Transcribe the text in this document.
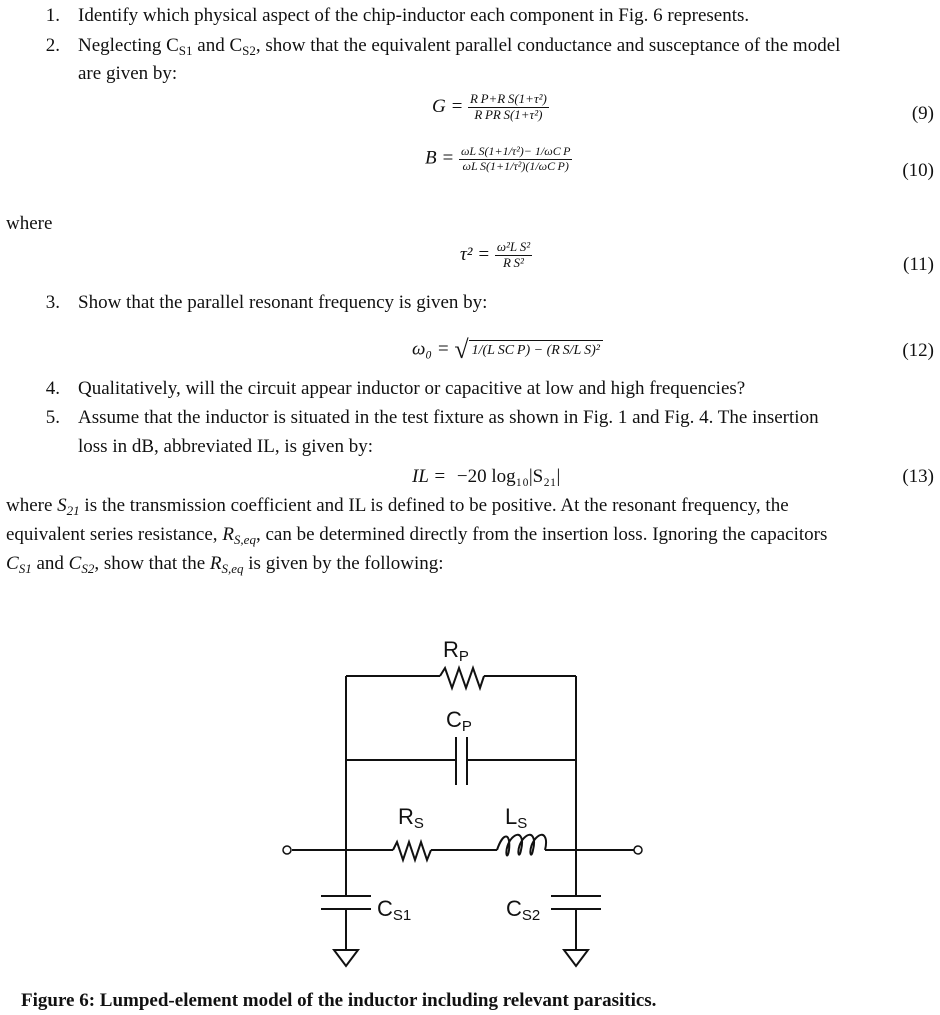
1. Identify which physical aspect of the chip-inductor each component in Fig. 6 represents.
2. Neglecting $C_{S1}$ and $C_{S2}$, show that the equivalent parallel conductance and susceptance of the model
are given by:
$G = \frac{\text{R P+R S(1+τ²)}}{\text{R PR S(1+τ²)}}$	(9)
$B = \frac{\text{ωL S(1+1/τ²)− 1/ωC P}}{\text{ωL S(1+1/τ²)(1/ωC P)}}$	(10)
where
$\tau^2 = \frac{\text{ω²L S²}}{\text{R S²}}$	(11)
3. Show that the parallel resonant frequency is given by:
ω₀ = √ 1/(L SC P) − (R S/L S)²	(12)
4. Qualitatively, will the circuit appear inductor or capacitive at low and high frequencies?
5. Assume that the inductor is situated in the test fixture as shown in Fig. 1 and Fig. 4. The insertion
loss in dB, abbreviated IL, is given by:
IL = −20 log₁₀|S₂₁|	(13)
where $S_{21}$ is the transmission coefficient and IL is defined to be positive. At the resonant frequency, the
equivalent series resistance, $R_{S,eq}$, can be determined directly from the insertion loss. Ignoring the capacitors
$C_{S1}$ and $C_{S2}$, show that the $R_{S,eq}$ is given by the following:
RP
CP
RS	LS
CS1	CS2
Figure 6: Lumped-element model of the inductor including relevant parasitics.
